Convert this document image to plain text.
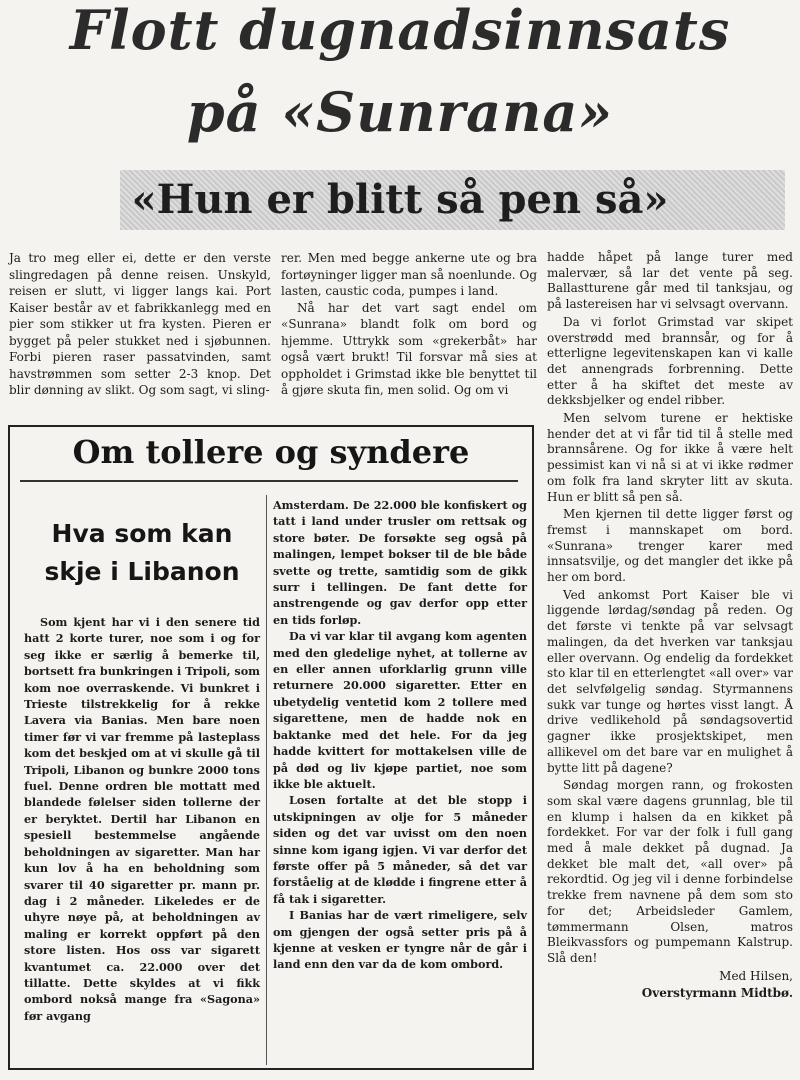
Flott dugnadsinnsats
på «Sunrana»
«Hun er blitt så pen så»

Ja tro meg eller ei, dette er den verste slingredagen på denne reisen. Unskyld, reisen er slutt, vi ligger langs kai. Port Kaiser består av et fabrikkanlegg med en pier som stikker ut fra kysten. Pieren er bygget på peler stukket ned i sjøbunnen. Forbi pieren raser passatvinden, samt havstrømmen som setter 2-3 knop. Det blir dønning av slikt. Og som sagt, vi sling-

rer. Men med begge ankerne ute og bra fortøyninger ligger man så noenlunde. Og lasten, caustic coda, pumpes i land.

Nå har det vart sagt endel om «Sunrana» blandt folk om bord og hjemme. Uttrykk som «grekerbåt» har også vært brukt! Til forsvar må sies at oppholdet i Grimstad ikke ble benyttet til å gjøre skuta fin, men solid. Og om vi

hadde håpet på lange turer med malervær, så lar det vente på seg. Ballastturene går med til tanksjau, og på lastereisen har vi selvsagt overvann.

Da vi forlot Grimstad var skipet overstrødd med brannsår, og for å etterligne legevitenskapen kan vi kalle det annengrads forbrenning. Dette etter å ha skiftet det meste av dekksbjelker og endel ribber.

Men selvom turene er hektiske hender det at vi får tid til å stelle med brannsårene. Og for ikke å være helt pessimist kan vi nå si at vi ikke rødmer om folk fra land skryter litt av skuta. Hun er blitt så pen så.

Men kjernen til dette ligger først og fremst i mannskapet om bord. «Sunrana» trenger karer med innsatsvilje, og det mangler det ikke på her om bord.

Ved ankomst Port Kaiser ble vi liggende lørdag/søndag på reden. Og det første vi tenkte på var selvsagt malingen, da det hverken var tanksjau eller overvann. Og endelig da fordekket sto klar til en etterlengtet «all over» var det selvfølgelig søndag. Styrmannens sukk var tunge og hørtes visst langt. Å drive vedlikehold på søndagsovertid gagner ikke prosjektskipet, men allikevel om det bare var en mulighet å bytte litt på dagene?

Søndag morgen rann, og frokosten som skal være dagens grunnlag, ble til en klump i halsen da en kikket på fordekket. For var der folk i full gang med å male dekket på dugnad. Ja dekket ble malt det, «all over» på rekordtid. Og jeg vil i denne forbindelse trekke frem navnene på dem som sto for det; Arbeidsleder Gamlem, tømmermann Olsen, matros Bleikvassfors og pumpemann Kalstrup. Slå den!

Med Hilsen,

Overstyrmann Midtbø.

Om tollere og syndere
Hva som kan
skje i Libanon

Som kjent har vi i den senere tid hatt 2 korte turer, noe som i og for seg ikke er særlig å bemerke til, bortsett fra bunkringen i Tripoli, som kom noe overraskende. Vi bunkret i Trieste tilstrekkelig for å rekke Lavera via Banias. Men bare noen timer før vi var fremme på lasteplass kom det beskjed om at vi skulle gå til Tripoli, Libanon og bunkre 2000 tons fuel. Denne ordren ble mottatt med blandede følelser siden tollerne der er beryktet. Dertil har Libanon en spesiell bestemmelse angående beholdningen av sigaretter. Man har kun lov å ha en beholdning som svarer til 40 sigaretter pr. mann pr. dag i 2 måneder. Likeledes er de uhyre nøye på, at beholdningen av maling er korrekt oppført på den store listen. Hos oss var sigarett kvantumet ca. 22.000 over det tillatte. Dette skyldes at vi fikk ombord nokså mange fra «Sagona» før avgang

Amsterdam. De 22.000 ble konfiskert og tatt i land under trusler om rettsak og store bøter. De forsøkte seg også på malingen, lempet bokser til de ble både svette og trette, samtidig som de gikk surr i tellingen. De fant dette for anstrengende og gav derfor opp etter en tids forløp.

Da vi var klar til avgang kom agenten med den gledelige nyhet, at tollerne av en eller annen uforklarlig grunn ville returnere 20.000 sigaretter. Etter en ubetydelig ventetid kom 2 tollere med sigarettene, men de hadde nok en baktanke med det hele. For da jeg hadde kvittert for mottakelsen ville de på død og liv kjøpe partiet, noe som ikke ble aktuelt.

Losen fortalte at det ble stopp i utskipningen av olje for 5 måneder siden og det var uvisst om den noen sinne kom igang igjen. Vi var derfor det første offer på 5 måneder, så det var forståelig at de klødde i fingrene etter å få tak i sigaretter.

I Banias har de vært rimeligere, selv om gjengen der også setter pris på å kjenne at vesken er tyngre når de går i land enn den var da de kom ombord.
